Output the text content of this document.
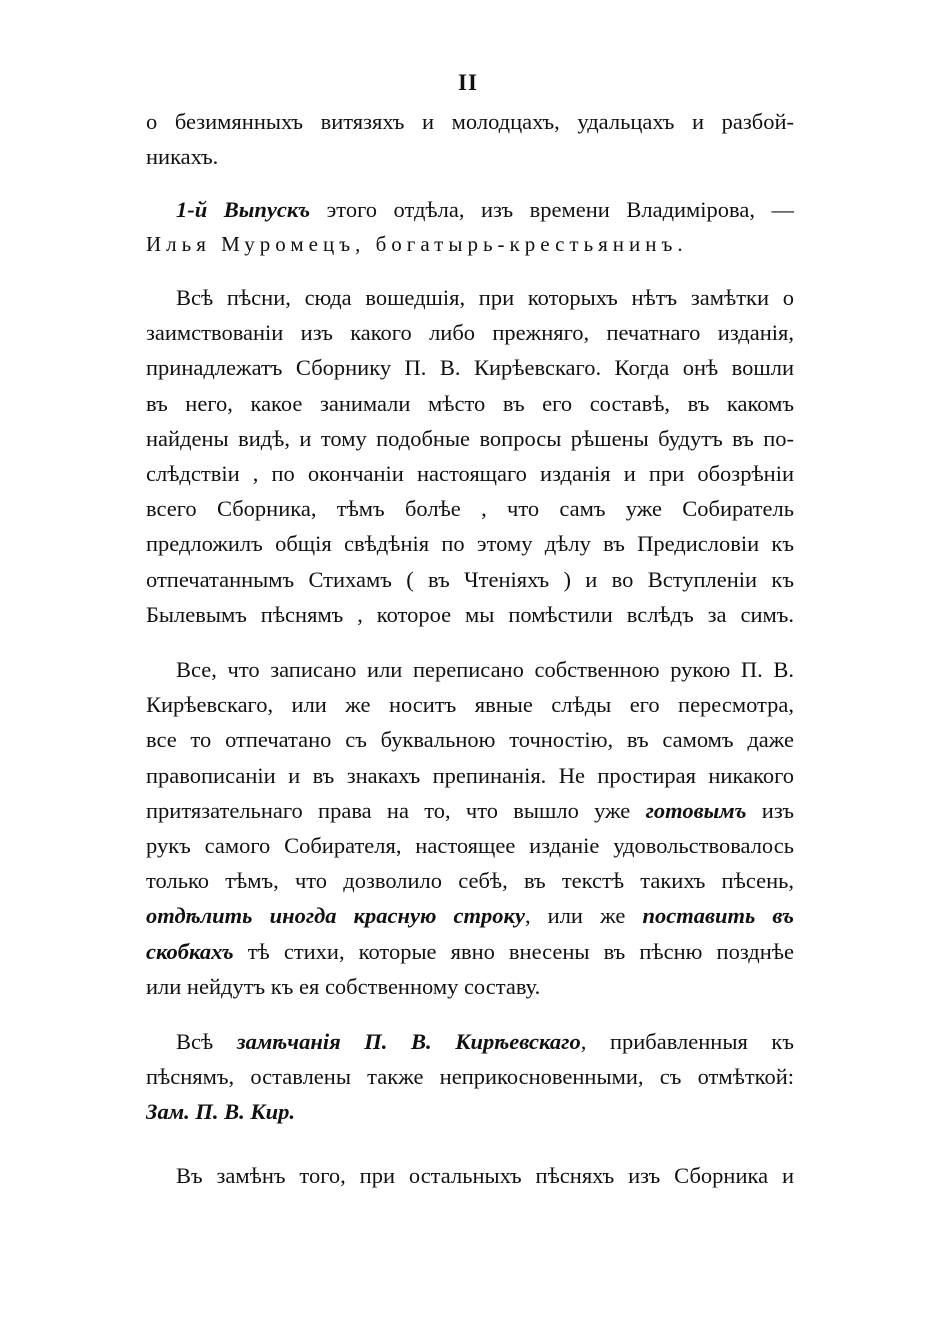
II

о безимянныхъ витязяхъ и молодцахъ, удальцахъ и разбой-
никахъ.

1-й Выпускъ этого отдѣла, изъ времени Владимірова, —
Илья Муромецъ, богатырь-крестьянинъ.

Всѣ пѣсни, сюда вошедшія, при которыхъ нѣтъ замѣтки о
заимствованіи изъ какого либо прежняго, печатнаго изданія,
принадлежатъ Сборнику П. В. Кирѣевскаго. Когда онѣ вошли
въ него, какое занимали мѣсто въ его составѣ, въ какомъ
найдены видѣ, и тому подобные вопросы рѣшены будутъ въ по-
слѣдствіи , по окончаніи настоящаго изданія и при обозрѣніи
всего Сборника, тѣмъ болѣе , что самъ уже Собиратель
предложилъ общія свѣдѣнія по этому дѣлу въ Предисловіи къ
отпечатаннымъ Стихамъ ( въ Чтеніяхъ ) и во Вступленіи къ
Былевымъ пѣснямъ , которое мы помѣстили вслѣдъ за симъ.

Все, что записано или переписано собственною рукою П. В.
Кирѣевскаго, или же носитъ явные слѣды его пересмотра,
все то отпечатано съ буквальною точностію, въ самомъ даже
правописаніи и въ знакахъ препинанія. Не простирая никакого
притязательнаго права на то, что вышло уже готовымъ изъ
рукъ самого Собирателя, настоящее изданіе удовольствовалось
только тѣмъ, что дозволило себѣ, въ текстѣ такихъ пѣсень,
отдѣлить иногда красную строку, или же поставить въ
скобкахъ тѣ стихи, которые явно внесены въ пѣсню позднѣе
или нейдутъ къ ея собственному составу.

Всѣ замѣчанія П. В. Кирѣевскаго, прибавленныя къ
пѣснямъ, оставлены также неприкосновенными, съ отмѣткой:
Зам. П. В. Кир.

Въ замѣнъ того, при остальныхъ пѣсняхъ изъ Сборника и
